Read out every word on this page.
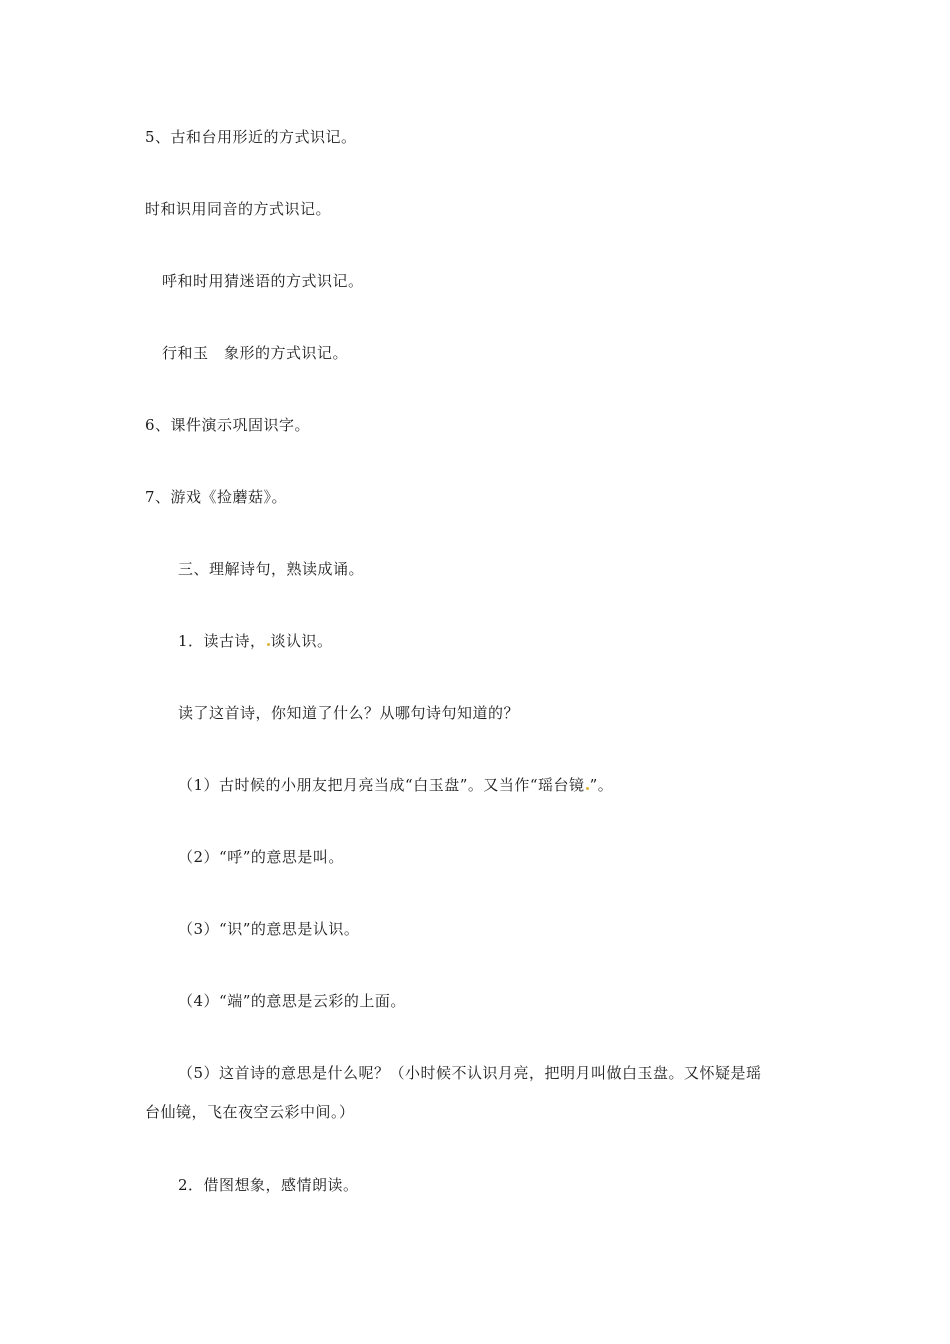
5、古和台用形近的方式识记。
时和识用同音的方式识记。
呼和时用猜迷语的方式识记。
行和玉　象形的方式识记。
6、课件演示巩固识字。
7、游戏《捡蘑菇》。
三、理解诗句，熟读成诵。
1．读古诗， 谈认识。
读了这首诗，你知道了什么？从哪句诗句知道的？
（1）古时候的小朋友把月亮当成“白玉盘”。又当作“瑶台镜 ”。
（2）“呼”的意思是叫。
（3）“识”的意思是认识。
（4）“端”的意思是云彩的上面。
（5）这首诗的意思是什么呢？（小时候不认识月亮，把明月叫做白玉盘。又怀疑是瑶
台仙镜，飞在夜空云彩中间。）
2．借图想象，感情朗读。
